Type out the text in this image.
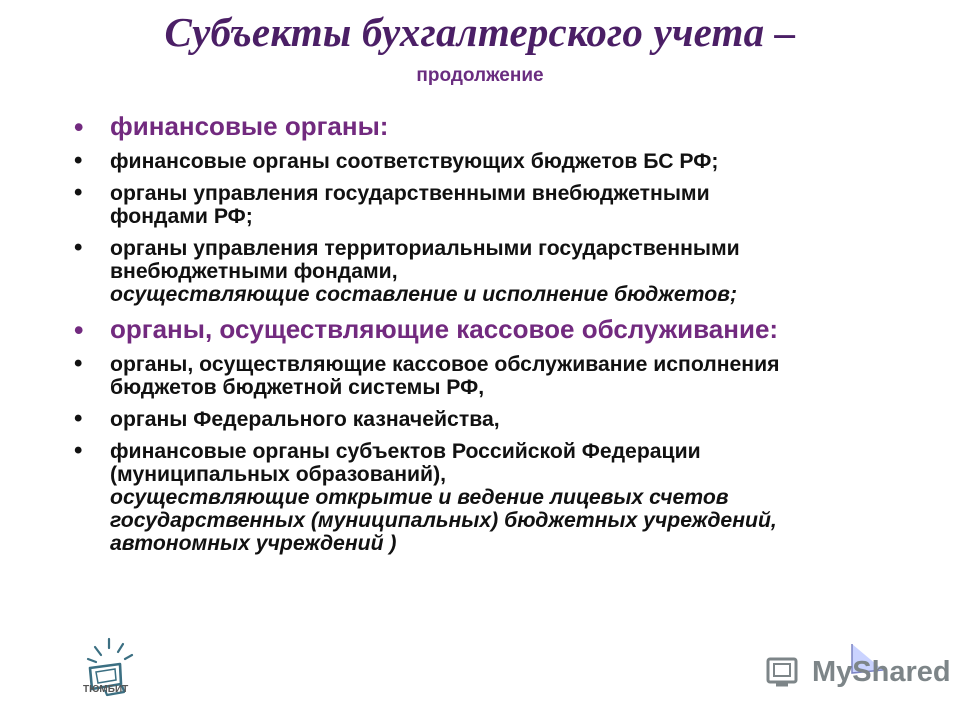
Субъекты бухгалтерского учета –
продолжение
• финансовые органы:
• финансовые органы соответствующих бюджетов БС РФ;
• органы управления государственными внебюджетными
фондами РФ;
• органы управления территориальными государственными
внебюджетными фондами,
осуществляющие составление и исполнение бюджетов;
• органы, осуществляющие кассовое обслуживание:
• органы, осуществляющие кассовое обслуживание исполнения
бюджетов бюджетной системы РФ,
• органы Федерального казначейства,
• финансовые органы субъектов Российской Федерации
(муниципальных образований),
осуществляющие открытие и ведение лицевых счетов
государственных (муниципальных) бюджетных учреждений,
автономных учреждений )
ТЮМБИТ
MyShared
